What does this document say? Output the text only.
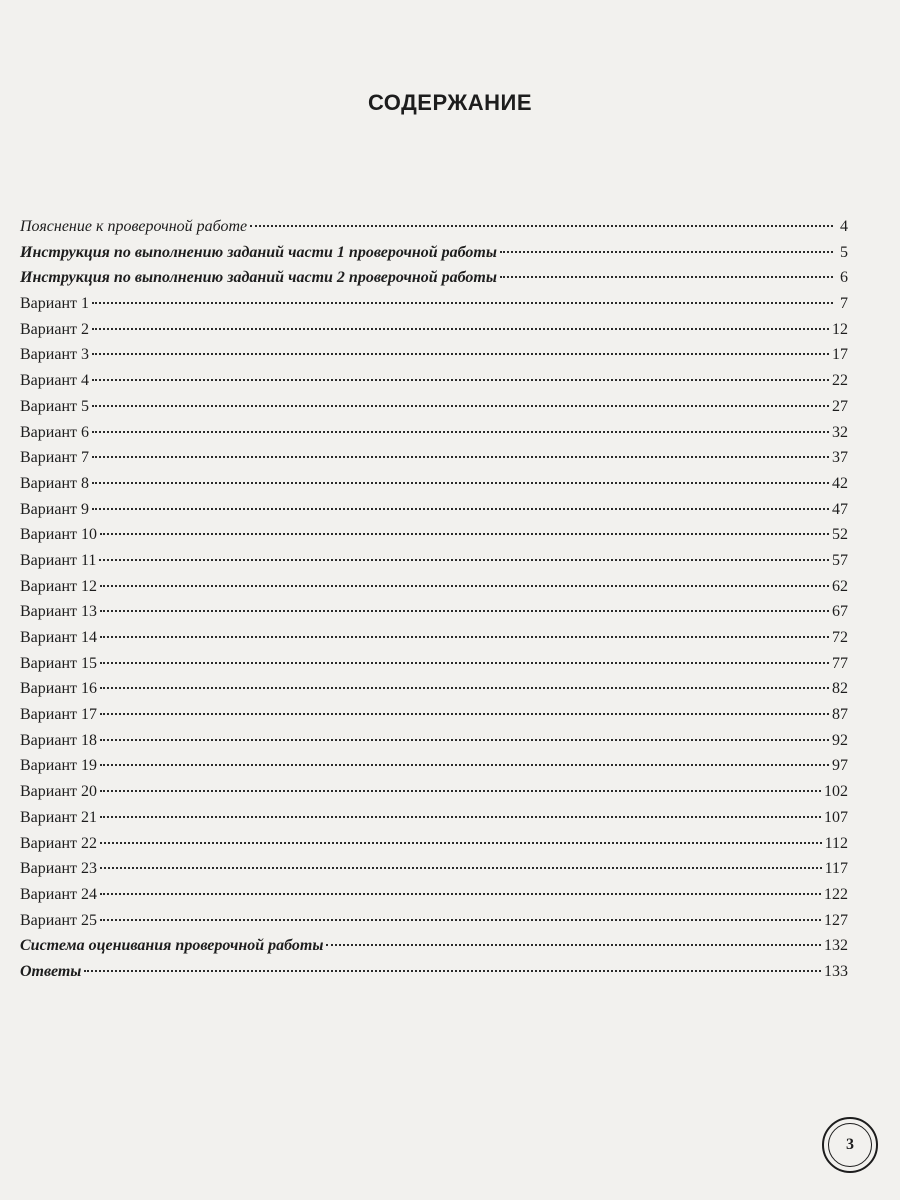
СОДЕРЖАНИЕ
Пояснение к проверочной работе	4
Инструкция по выполнению заданий части 1 проверочной работы	5
Инструкция по выполнению заданий части 2 проверочной работы	6
Вариант 1	7
Вариант 2	12
Вариант 3	17
Вариант 4	22
Вариант 5	27
Вариант 6	32
Вариант 7	37
Вариант 8	42
Вариант 9	47
Вариант 10	52
Вариант 11	57
Вариант 12	62
Вариант 13	67
Вариант 14	72
Вариант 15	77
Вариант 16	82
Вариант 17	87
Вариант 18	92
Вариант 19	97
Вариант 20	102
Вариант 21	107
Вариант 22	112
Вариант 23	117
Вариант 24	122
Вариант 25	127
Система оценивания проверочной работы	132
Ответы	133
3
